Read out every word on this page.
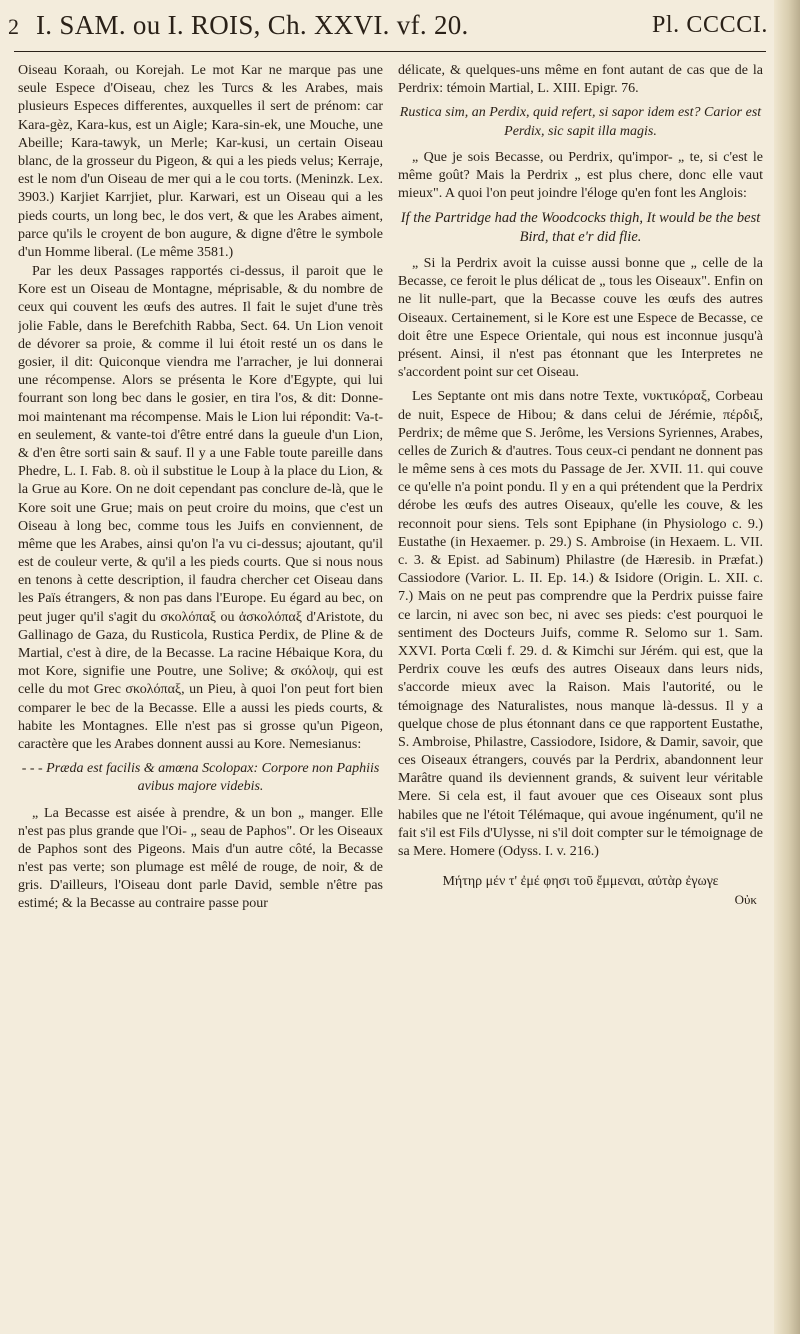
2 I. SAM. ou I. ROIS, Ch. XXVI. vf. 20.	Pl. CCCCI.

Oiseau Koraah, ou Korejah. Le mot Kar ne marque pas une seule Espece d'Oiseau, chez les Turcs & les Arabes, mais plusieurs Especes differentes, auxquelles il sert de prénom: car Kara-gèz, Kara-kus, est un Aigle; Kara-sin-ek, une Mouche, une Abeille; Kara-tawyk, un Merle; Kar-kusi, un certain Oiseau blanc, de la grosseur du Pigeon, & qui a les pieds velus; Kerraje, est le nom d'un Oiseau de mer qui a le cou torts. (Meninzk. Lex. 3903.) Karjiet Karrjiet, plur. Karwari, est un Oiseau qui a les pieds courts, un long bec, le dos vert, & que les Arabes aiment, parce qu'ils le croyent de bon augure, & digne d'être le symbole d'un Homme liberal. (Le même 3581.)

Par les deux Passages rapportés ci-dessus, il paroit que le Kore est un Oiseau de Montagne, méprisable, & du nombre de ceux qui couvent les œufs des autres. Il fait le sujet d'une très jolie Fable, dans le Berefchith Rabba, Sect. 64. Un Lion venoit de dévorer sa proie, & comme il lui étoit resté un os dans le gosier, il dit: Quiconque viendra me l'arracher, je lui donnerai une récompense. Alors se présenta le Kore d'Egypte, qui lui fourrant son long bec dans le gosier, en tira l'os, & dit: Donne-moi maintenant ma récompense. Mais le Lion lui répondit: Va-t-en seulement, & vante-toi d'être entré dans la gueule d'un Lion, & d'en être sorti sain & sauf. Il y a une Fable toute pareille dans Phedre, L. I. Fab. 8. où il substitue le Loup à la place du Lion, & la Grue au Kore. On ne doit cependant pas conclure de-là, que le Kore soit une Grue; mais on peut croire du moins, que c'est un Oiseau à long bec, comme tous les Juifs en conviennent, de même que les Arabes, ainsi qu'on l'a vu ci-dessus; ajoutant, qu'il est de couleur verte, & qu'il a les pieds courts. Que si nous nous en tenons à cette description, il faudra chercher cet Oiseau dans les Païs étrangers, & non pas dans l'Europe. Eu égard au bec, on peut juger qu'il s'agit du σκολόπαξ ou ἀσκολόπαξ d'Aristote, du Gallinago de Gaza, du Rusticola, Rustica Perdix, de Pline & de Martial, c'est à dire, de la Becasse. La racine Hébaique Kora, du mot Kore, signifie une Poutre, une Solive; & σκόλοψ, qui est celle du mot Grec σκολόπαξ, un Pieu, à quoi l'on peut fort bien comparer le bec de la Becasse. Elle a aussi les pieds courts, & habite les Montagnes. Elle n'est pas si grosse qu'un Pigeon, caractère que les Arabes donnent aussi au Kore. Nemesianus:

- - - Præda est facilis & amœna Scolopax: Corpore non Paphiis avibus majore videbis.

„ La Becasse est aisée à prendre, & un bon „ manger. Elle n'est pas plus grande que l'Oi- „ seau de Paphos". Or les Oiseaux de Paphos sont des Pigeons. Mais d'un autre côté, la Becasse n'est pas verte; son plumage est mêlé de rouge, de noir, & de gris. D'ailleurs, l'Oiseau dont parle David, semble n'être pas estimé; & la Becasse au contraire passe pour

délicate, & quelques-uns même en font autant de cas que de la Perdrix: témoin Martial, L. XIII. Epigr. 76.

Rustica sim, an Perdix, quid refert, si sapor idem est? Carior est Perdix, sic sapit illa magis.

„ Que je sois Becasse, ou Perdrix, qu'impor- „ te, si c'est le même goût? Mais la Perdrix „ est plus chere, donc elle vaut mieux". A quoi l'on peut joindre l'éloge qu'en font les Anglois:

If the Partridge had the Woodcocks thigh, It would be the best Bird, that e'r did flie.

„ Si la Perdrix avoit la cuisse aussi bonne que „ celle de la Becasse, ce feroit le plus délicat de „ tous les Oiseaux". Enfin on ne lit nulle-part, que la Becasse couve les œufs des autres Oiseaux. Certainement, si le Kore est une Espece de Becasse, ce doit être une Espece Orientale, qui nous est inconnue jusqu'à présent. Ainsi, il n'est pas étonnant que les Interpretes ne s'accordent point sur cet Oiseau.

Les Septante ont mis dans notre Texte, νυκτικόραξ, Corbeau de nuit, Espece de Hibou; & dans celui de Jérémie, πέρδιξ, Perdrix; de même que S. Jerôme, les Versions Syriennes, Arabes, celles de Zurich & d'autres. Tous ceux-ci pendant ne donnent pas le même sens à ces mots du Passage de Jer. XVII. 11. qui couve ce qu'elle n'a point pondu. Il y en a qui prétendent que la Perdrix dérobe les œufs des autres Oiseaux, qu'elle les couve, & les reconnoit pour siens. Tels sont Epiphane (in Physiologo c. 9.) Eustathe (in Hexaemer. p. 29.) S. Ambroise (in Hexaem. L. VII. c. 3. & Epist. ad Sabinum) Philastre (de Hæresib. in Præfat.) Cassiodore (Varior. L. II. Ep. 14.) & Isidore (Origin. L. XII. c. 7.) Mais on ne peut pas comprendre que la Perdrix puisse faire ce larcin, ni avec son bec, ni avec ses pieds: c'est pourquoi le sentiment des Docteurs Juifs, comme R. Selomo sur 1. Sam. XXVI. Porta Cœli f. 29. d. & Kimchi sur Jérém. qui est, que la Perdrix couve les œufs des autres Oiseaux dans leurs nids, s'accorde mieux avec la Raison. Mais l'autorité, ou le témoignage des Naturalistes, nous manque là-dessus. Il y a quelque chose de plus étonnant dans ce que rapportent Eustathe, S. Ambroise, Philastre, Cassiodore, Isidore, & Damir, savoir, que ces Oiseaux étrangers, couvés par la Perdrix, abandonnent leur Marâtre quand ils deviennent grands, & suivent leur véritable Mere. Si cela est, il faut avouer que ces Oiseaux sont plus habiles que ne l'étoit Télémaque, qui avoue ingénument, qu'il ne fait s'il est Fils d'Ulysse, ni s'il doit compter sur le témoignage de sa Mere. Homere (Odyss. I. v. 216.)

Μήτηρ μέν τ' ἐμέ φησι τοῦ ἔμμεναι, αὐτὰρ ἐγωγε

Οὐκ
